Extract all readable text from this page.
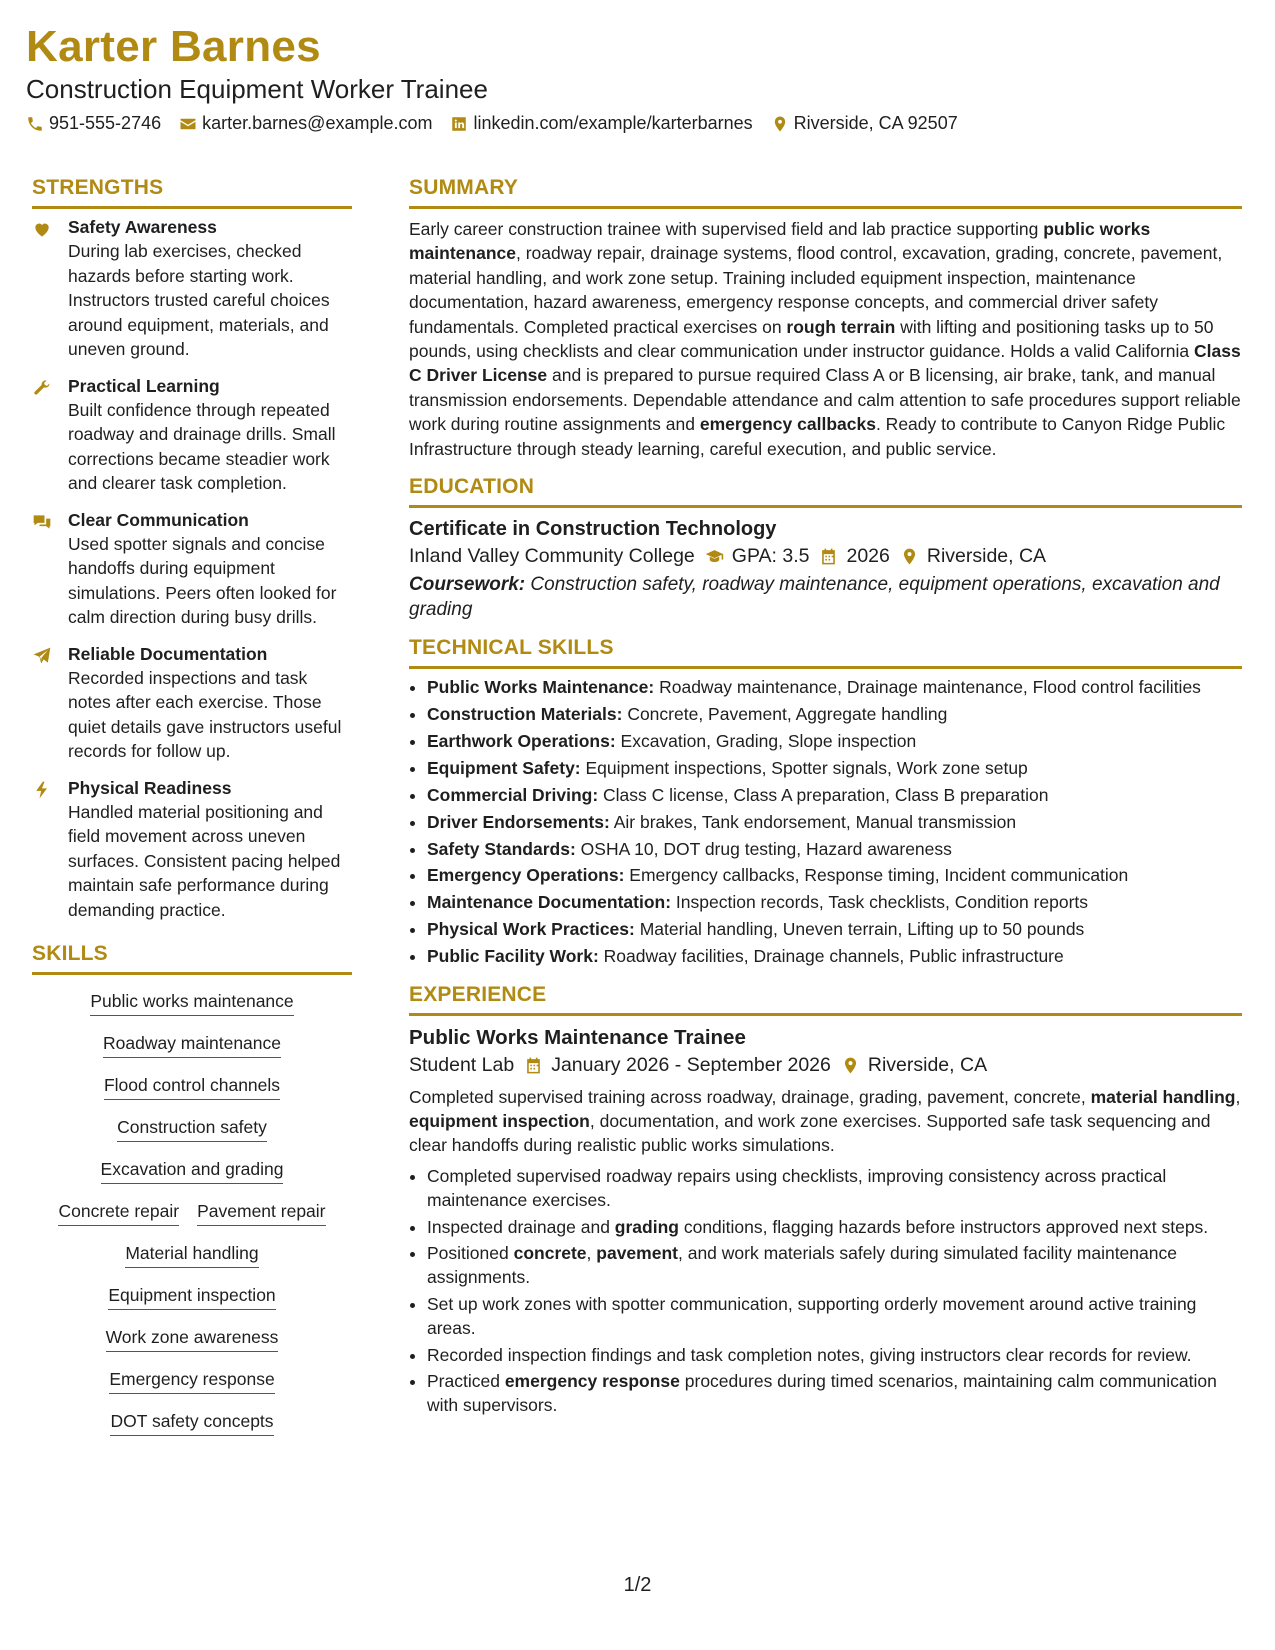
Karter Barnes
Construction Equipment Worker Trainee
951-555-2746 karter.barnes@example.com linkedin.com/example/karterbarnes Riverside, CA 92507
STRENGTHS
Safety Awareness
During lab exercises, checked hazards before starting work. Instructors trusted careful choices around equipment, materials, and uneven ground.
Practical Learning
Built confidence through repeated roadway and drainage drills. Small corrections became steadier work and clearer task completion.
Clear Communication
Used spotter signals and concise handoffs during equipment simulations. Peers often looked for calm direction during busy drills.
Reliable Documentation
Recorded inspections and task notes after each exercise. Those quiet details gave instructors useful records for follow up.
Physical Readiness
Handled material positioning and field movement across uneven surfaces. Consistent pacing helped maintain safe performance during demanding practice.
SKILLS
Public works maintenance
Roadway maintenance
Flood control channels
Construction safety
Excavation and grading
Concrete repair Pavement repair
Material handling
Equipment inspection
Work zone awareness
Emergency response
DOT safety concepts
SUMMARY

Early career construction trainee with supervised field and lab practice supporting public works maintenance, roadway repair, drainage systems, flood control, excavation, grading, concrete, pavement, material handling, and work zone setup. Training included equipment inspection, maintenance documentation, hazard awareness, emergency response concepts, and commercial driver safety fundamentals. Completed practical exercises on rough terrain with lifting and positioning tasks up to 50 pounds, using checklists and clear communication under instructor guidance. Holds a valid California Class C Driver License and is prepared to pursue required Class A or B licensing, air brake, tank, and manual transmission endorsements. Dependable attendance and calm attention to safe procedures support reliable work during routine assignments and emergency callbacks. Ready to contribute to Canyon Ridge Public Infrastructure through steady learning, careful execution, and public service.

EDUCATION
Certificate in Construction Technology
Inland Valley Community College GPA: 3.5 2026 Riverside, CA
Coursework: Construction safety, roadway maintenance, equipment operations, excavation and grading
TECHNICAL SKILLS
• Public Works Maintenance: Roadway maintenance, Drainage maintenance, Flood control facilities
• Construction Materials: Concrete, Pavement, Aggregate handling
• Earthwork Operations: Excavation, Grading, Slope inspection
• Equipment Safety: Equipment inspections, Spotter signals, Work zone setup
• Commercial Driving: Class C license, Class A preparation, Class B preparation
• Driver Endorsements: Air brakes, Tank endorsement, Manual transmission
• Safety Standards: OSHA 10, DOT drug testing, Hazard awareness
• Emergency Operations: Emergency callbacks, Response timing, Incident communication
• Maintenance Documentation: Inspection records, Task checklists, Condition reports
• Physical Work Practices: Material handling, Uneven terrain, Lifting up to 50 pounds
• Public Facility Work: Roadway facilities, Drainage channels, Public infrastructure
EXPERIENCE
Public Works Maintenance Trainee
Student Lab January 2026 - September 2026 Riverside, CA

Completed supervised training across roadway, drainage, grading, pavement, concrete, material handling, equipment inspection, documentation, and work zone exercises. Supported safe task sequencing and clear handoffs during realistic public works simulations.

• Completed supervised roadway repairs using checklists, improving consistency across practical maintenance exercises.
• Inspected drainage and grading conditions, flagging hazards before instructors approved next steps.
• Positioned concrete, pavement, and work materials safely during simulated facility maintenance assignments.
• Set up work zones with spotter communication, supporting orderly movement around active training areas.
• Recorded inspection findings and task completion notes, giving instructors clear records for review.
• Practiced emergency response procedures during timed scenarios, maintaining calm communication with supervisors.
1/2
